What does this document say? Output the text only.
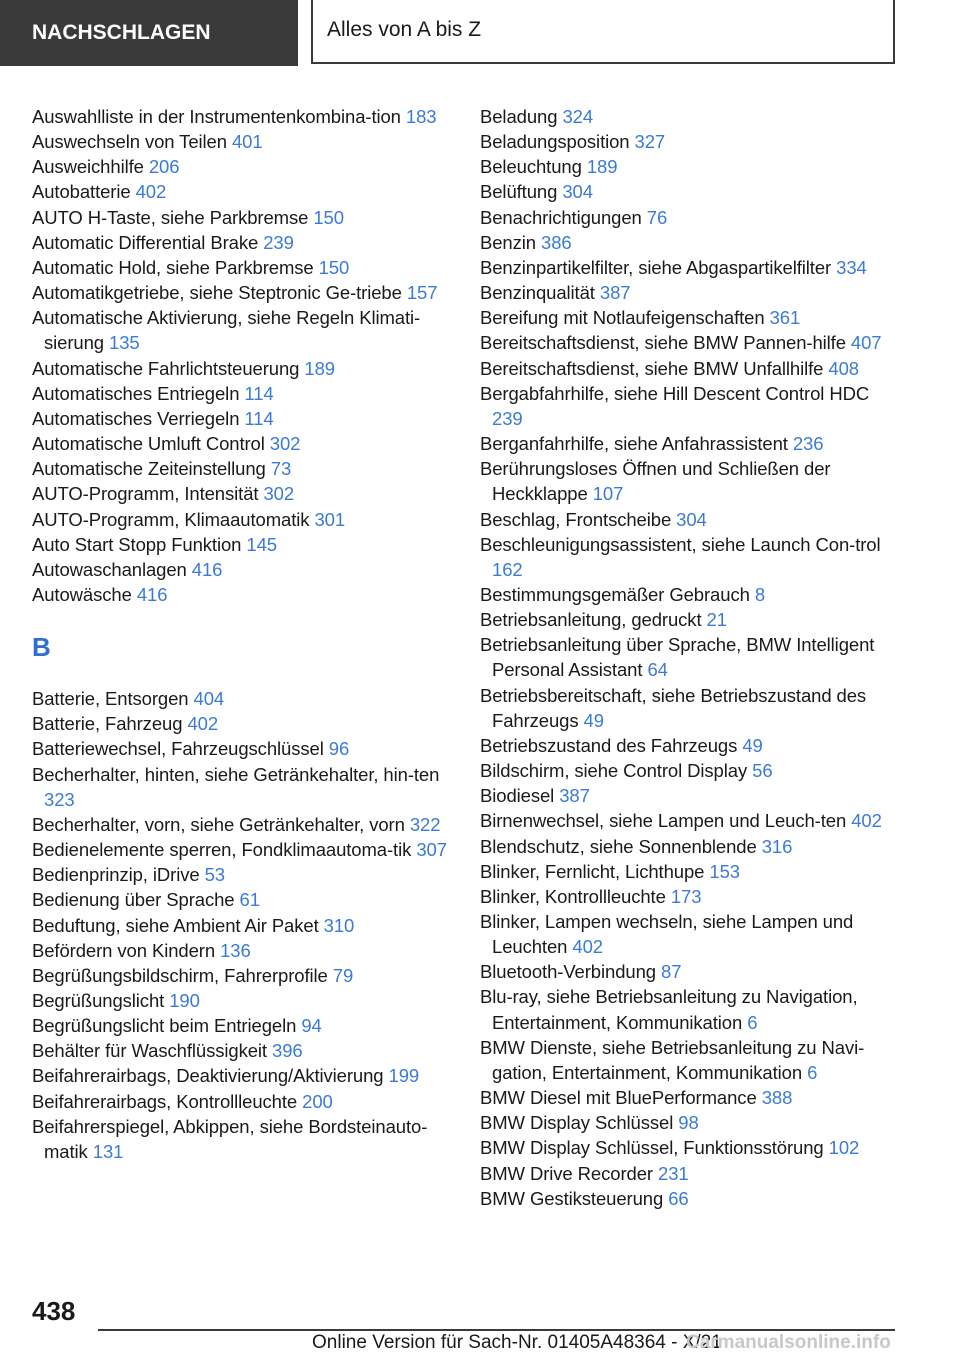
NACHSCHLAGEN	Alles von A bis Z
Auswahlliste in der Instrumentenkombina-tion 183
Auswechseln von Teilen 401
Ausweichhilfe 206
Autobatterie 402
AUTO H-Taste, siehe Parkbremse 150
Automatic Differential Brake 239
Automatic Hold, siehe Parkbremse 150
Automatikgetriebe, siehe Steptronic Ge-triebe 157
Automatische Aktivierung, siehe Regeln Klimati-sierung 135
Automatische Fahrlichtsteuerung 189
Automatisches Entriegeln 114
Automatisches Verriegeln 114
Automatische Umluft Control 302
Automatische Zeiteinstellung 73
AUTO-Programm, Intensität 302
AUTO-Programm, Klimaautomatik 301
Auto Start Stopp Funktion 145
Autowaschanlagen 416
Autowäsche 416
B
Batterie, Entsorgen 404
Batterie, Fahrzeug 402
Batteriewechsel, Fahrzeugschlüssel 96
Becherhalter, hinten, siehe Getränkehalter, hin-ten 323
Becherhalter, vorn, siehe Getränkehalter, vorn 322
Bedienelemente sperren, Fondklimaautoma-tik 307
Bedienprinzip, iDrive 53
Bedienung über Sprache 61
Beduftung, siehe Ambient Air Paket 310
Befördern von Kindern 136
Begrüßungsbildschirm, Fahrerprofile 79
Begrüßungslicht 190
Begrüßungslicht beim Entriegeln 94
Behälter für Waschflüssigkeit 396
Beifahrerairbags, Deaktivierung/Aktivierung 199
Beifahrerairbags, Kontrollleuchte 200
Beifahrerspiegel, Abkippen, siehe Bordsteinauto-matik 131
Beladung 324
Beladungsposition 327
Beleuchtung 189
Belüftung 304
Benachrichtigungen 76
Benzin 386
Benzinpartikelfilter, siehe Abgaspartikelfilter 334
Benzinqualität 387
Bereifung mit Notlaufeigenschaften 361
Bereitschaftsdienst, siehe BMW Pannen-hilfe 407
Bereitschaftsdienst, siehe BMW Unfallhilfe 408
Bergabfahrhilfe, siehe Hill Descent Control HDC 239
Berganfahrhilfe, siehe Anfahrassistent 236
Berührungsloses Öffnen und Schließen der Heckklappe 107
Beschlag, Frontscheibe 304
Beschleunigungsassistent, siehe Launch Con-trol 162
Bestimmungsgemäßer Gebrauch 8
Betriebsanleitung, gedruckt 21
Betriebsanleitung über Sprache, BMW Intelligent Personal Assistant 64
Betriebsbereitschaft, siehe Betriebszustand des Fahrzeugs 49
Betriebszustand des Fahrzeugs 49
Bildschirm, siehe Control Display 56
Biodiesel 387
Birnenwechsel, siehe Lampen und Leuch-ten 402
Blendschutz, siehe Sonnenblende 316
Blinker, Fernlicht, Lichthupe 153
Blinker, Kontrollleuchte 173
Blinker, Lampen wechseln, siehe Lampen und Leuchten 402
Bluetooth-Verbindung 87
Blu-ray, siehe Betriebsanleitung zu Navigation, Entertainment, Kommunikation 6
BMW Dienste, siehe Betriebsanleitung zu Navi-gation, Entertainment, Kommunikation 6
BMW Diesel mit BluePerformance 388
BMW Display Schlüssel 98
BMW Display Schlüssel, Funktionsstörung 102
BMW Drive Recorder 231
BMW Gestiksteuerung 66
438
Online Version für Sach-Nr. 01405A48364 - X/21
Carmanualsonline.info
